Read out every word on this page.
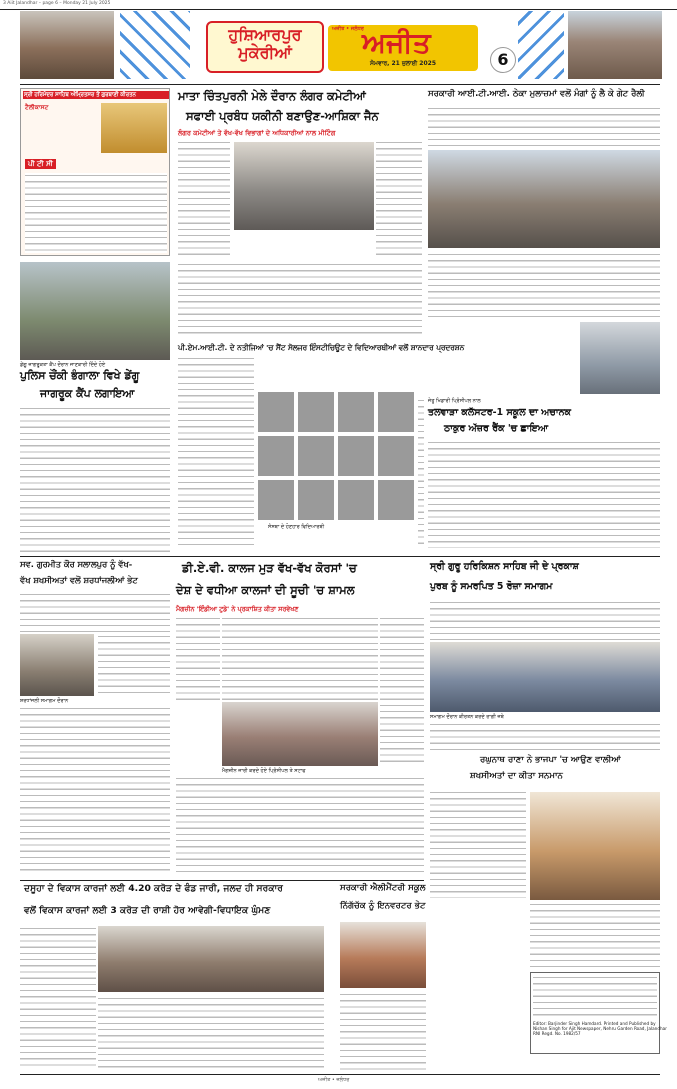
3 Aiit Jalandhar – page 6 – Monday 21 July 2025
ਹੁਸ਼ਿਆਰਪੁਰ
ਮੁਕੇਰੀਆਂ
ਅਜੀਤ • ਜਲੰਧਰ
ਅਜੀਤ
ਸੋਮਵਾਰ, 21 ਜੁਲਾਈ 2025	6
ਸ੍ਰੀ ਹਰਿਮੰਦਰ ਸਾਹਿਬ ਅੰਮ੍ਰਿਤਸਰ ਤੋਂ ਗੁਰਬਾਣੀ ਕੀਰਤਨ
ਟੈਲੀਕਾਸਟ
ਪੀ ਟੀ ਸੀ
ਡੇਂਗੂ ਜਾਗਰੂਕਤਾ ਕੈਂਪ ਦੌਰਾਨ ਜਾਣਕਾਰੀ ਦਿੰਦੇ ਹੋਏ
ਪੁਲਿਸ ਚੌਂਕੀ ਭੰਗਾਲਾ ਵਿਖੇ ਡੇਂਗੂ
ਜਾਗਰੂਕ ਕੈਂਪ ਲਗਾਇਆ
ਮਾਤਾ ਚਿੰਤਪੁਰਨੀ ਮੇਲੇ ਦੌਰਾਨ ਲੰਗਰ ਕਮੇਟੀਆਂ
ਸਫਾਈ ਪ੍ਰਬੰਧ ਯਕੀਨੀ ਬਣਾਉਣ-ਆਸ਼ਿਕਾ ਜੈਨ
ਲੰਗਰ ਕਮੇਟੀਆਂ ਤੇ ਵੱਖ-ਵੱਖ ਵਿਭਾਗਾਂ ਦੇ ਅਧਿਕਾਰੀਆਂ ਨਾਲ ਮੀਟਿੰਗ
ਸਰਕਾਰੀ ਆਈ.ਟੀ.ਆਈ. ਠੇਕਾ ਮੁਲਾਜ਼ਮਾਂ ਵਲੋਂ ਮੰਗਾਂ ਨੂੰ ਲੈ ਕੇ ਗੇਟ ਰੈਲੀ
ਜੇਤੂ ਖਿਡਾਰੀ ਪ੍ਰਿੰਸੀਪਲ ਨਾਲ
ਤਲਵਾੜਾ ਕਲੱਸਟਰ-1 ਸਕੂਲ ਦਾ ਅਚਾਨਕ
ਠਾਕੁਰ ਅੱਜ਼ਰ ਰੈਂਕ 'ਚ ਛਾਇਆ
ਪੀ.ਏਮ.ਆਈ.ਟੀ. ਦੇ ਨਤੀਜਿਆਂ 'ਚ ਸੈਂਟ ਸੋਲਜਰ ਇੰਸਟੀਚਿਊਟ ਦੇ ਵਿਦਿਆਰਥੀਆਂ ਵਲੋਂ ਸ਼ਾਨਦਾਰ ਪ੍ਰਦਰਸ਼ਨ
ਸੰਸਥਾ ਦੇ ਹੋਣਹਾਰ ਵਿਦਿਆਰਥੀ
ਸਵ. ਗੁਰਮੀਤ ਕੌਰ ਸਲਾਲਪੁਰ ਨੂੰ ਵੱਖ-
ਵੱਖ ਸ਼ਖਸੀਅਤਾਂ ਵਲੋਂ ਸ਼ਰਧਾਂਜਲੀਆਂ ਭੇਟ
ਸ਼ਰਧਾਂਜਲੀ ਸਮਾਗਮ ਦੌਰਾਨ
ਡੀ.ਏ.ਵੀ. ਕਾਲਜ ਮੁੜ ਵੱਖ-ਵੱਖ ਕੋਰਸਾਂ 'ਚ
ਦੇਸ਼ ਦੇ ਵਧੀਆ ਕਾਲਜਾਂ ਦੀ ਸੂਚੀ 'ਚ ਸ਼ਾਮਲ
ਮੈਗਜ਼ੀਨ 'ਇੰਡੀਆ ਟੁਡੇ' ਨੇ ਪ੍ਰਕਾਸ਼ਿਤ ਕੀਤਾ ਸਰਵੇਖਣ
ਮੈਗਜ਼ੀਨ ਜਾਰੀ ਕਰਦੇ ਹੋਏ ਪ੍ਰਿੰਸੀਪਲ ਤੇ ਸਟਾਫ
ਸ੍ਰੀ ਗੁਰੂ ਹਰਿਕਿਸ਼ਨ ਸਾਹਿਬ ਜੀ ਦੇ ਪ੍ਰਕਾਸ਼
ਪੁਰਬ ਨੂੰ ਸਮਰਪਿਤ 5 ਰੋਜ਼ਾ ਸਮਾਗਮ
ਸਮਾਗਮ ਦੌਰਾਨ ਕੀਰਤਨ ਕਰਦੇ ਰਾਗੀ ਜਥੇ
ਰਘੁਨਾਥ ਰਾਣਾ ਨੇ ਭਾਜਪਾ 'ਚ ਆਉਣ ਵਾਲੀਆਂ
ਸ਼ਖਸੀਅਤਾਂ ਦਾ ਕੀਤਾ ਸਨਮਾਨ
ਦਸੂਹਾ ਦੇ ਵਿਕਾਸ ਕਾਰਜਾਂ ਲਈ 4.20 ਕਰੋੜ ਦੇ ਫੰਡ ਜਾਰੀ, ਜਲਦ ਹੀ ਸਰਕਾਰ
ਵਲੋਂ ਵਿਕਾਸ ਕਾਰਜਾਂ ਲਈ 3 ਕਰੋੜ ਦੀ ਰਾਸ਼ੀ ਹੋਰ ਆਵੇਗੀ-ਵਿਧਾਇਕ ਘੁੰਮਣ
ਸਰਕਾਰੀ ਐਲੀਮੈਂਟਰੀ ਸਕੂਲ
ਨਿੱਗੱਚੱਕ ਨੂੰ ਇਨਵਰਟਰ ਭੇਟ
Editor: Barjinder Singh Hamdard. Printed and Published by
Nishan Singh for Ajit Newspaper, Nehru Garden Road, Jalandhar
RNI Regd. No. 1982/57
ਅਜੀਤ • ਜਲੰਧਰ
